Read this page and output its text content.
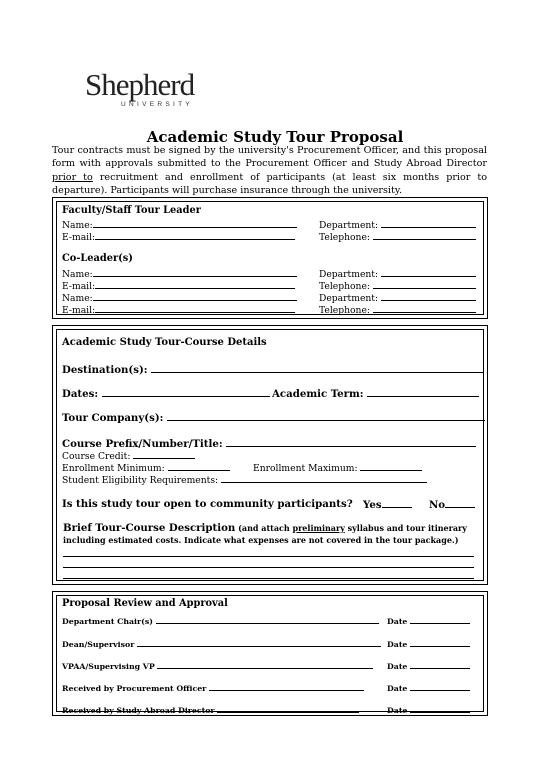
Shepherd
UNIVERSITY
Academic Study Tour Proposal
Tour contracts must be signed by the university's Procurement Officer, and this proposal form with approvals submitted to the Procurement Officer and Study Abroad Director prior to recruitment and enrollment of participants (at least six months prior to departure). Participants will purchase insurance through the university.
Faculty/Staff Tour Leader
Name:	Department:
E-mail:	Telephone:
Co-Leader(s)
Name:	Department:
E-mail:	Telephone:
Name:	Department:
E-mail:	Telephone:
Academic Study Tour-Course Details
Destination(s):
Dates:	Academic Term:
Tour Company(s):
Course Prefix/Number/Title:
Course Credit:
Enrollment Minimum:	Enrollment Maximum:
Student Eligibility Requirements:
Is this study tour open to community participants? Yes	No
Brief Tour-Course Description (and attach preliminary syllabus and tour itinerary including estimated costs. Indicate what expenses are not covered in the tour package.)
Proposal Review and Approval
Department Chair(s)	Date
Dean/Supervisor	Date
VPAA/Supervising VP	Date
Received by Procurement Officer	Date
Received by Study Abroad Director	Date
